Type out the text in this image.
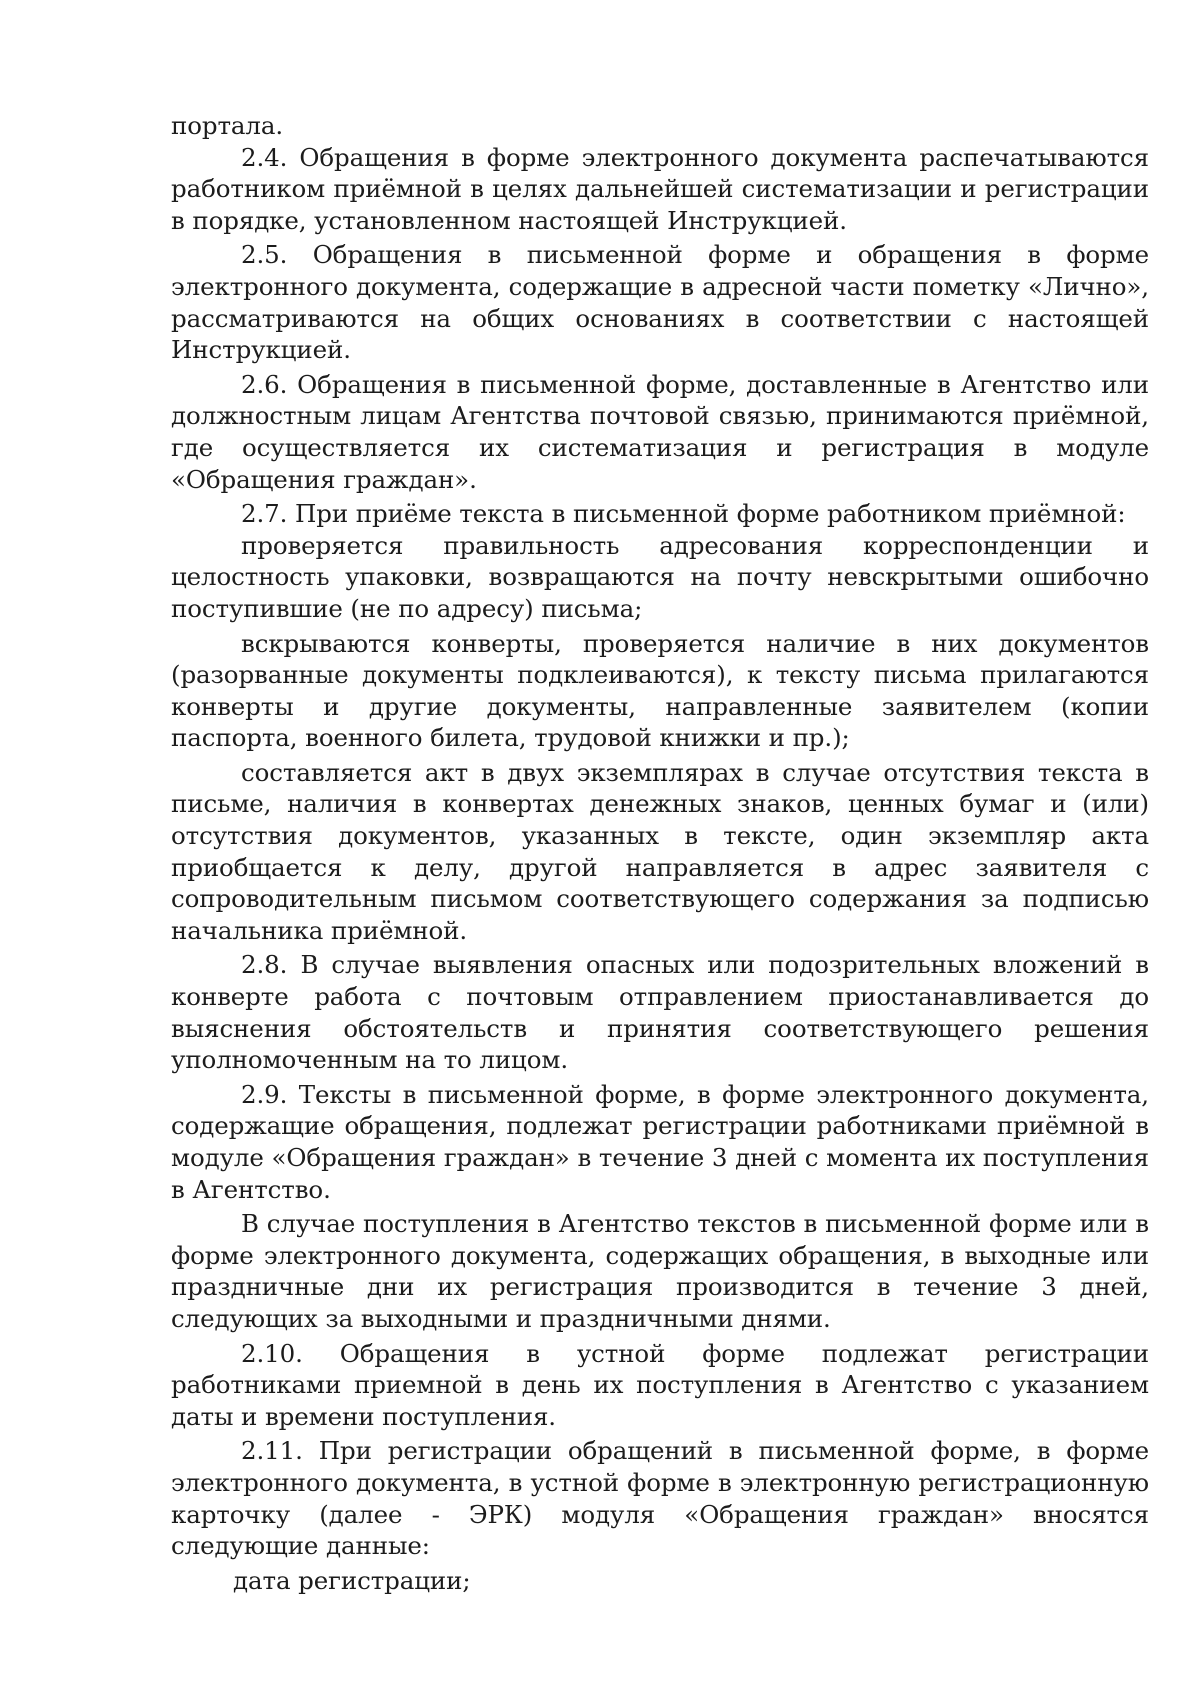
портала.

2.4. Обращения в форме электронного документа распечатываются работником приёмной в целях дальнейшей систематизации и регистрации в порядке, установленном настоящей Инструкцией.

2.5. Обращения в письменной форме и обращения в форме электронного документа, содержащие в адресной части пометку «Лично», рассматриваются на общих основаниях в соответствии с настоящей Инструкцией.

2.6. Обращения в письменной форме, доставленные в Агентство или должностным лицам Агентства почтовой связью, принимаются приёмной, где осуществляется их систематизация и регистрация в модуле «Обращения граждан».

2.7. При приёме текста в письменной форме работником приёмной:

проверяется правильность адресования корреспонденции и целостность упаковки, возвращаются на почту невскрытыми ошибочно поступившие (не по адресу) письма;

вскрываются конверты, проверяется наличие в них документов (разорванные документы подклеиваются), к тексту письма прилагаются конверты и другие документы, направленные заявителем (копии паспорта, военного билета, трудовой книжки и пр.);

составляется акт в двух экземплярах в случае отсутствия текста в письме, наличия в конвертах денежных знаков, ценных бумаг и (или) отсутствия документов, указанных в тексте, один экземпляр акта приобщается к делу, другой направляется в адрес заявителя с сопроводительным письмом соответствующего содержания за подписью начальника приёмной.

2.8. В случае выявления опасных или подозрительных вложений в конверте работа с почтовым отправлением приостанавливается до выяснения обстоятельств и принятия соответствующего решения уполномоченным на то лицом.

2.9. Тексты в письменной форме, в форме электронного документа, содержащие обращения, подлежат регистрации работниками приёмной в модуле «Обращения граждан» в течение 3 дней с момента их поступления в Агентство.

В случае поступления в Агентство текстов в письменной форме или в форме электронного документа, содержащих обращения, в выходные или праздничные дни их регистрация производится в течение 3 дней, следующих за выходными и праздничными днями.

2.10. Обращения в устной форме подлежат регистрации работниками приемной в день их поступления в Агентство с указанием даты и времени поступления.

2.11. При регистрации обращений в письменной форме, в форме электронного документа, в устной форме в электронную регистрационную карточку (далее - ЭРК) модуля «Обращения граждан» вносятся следующие данные:

дата регистрации;
